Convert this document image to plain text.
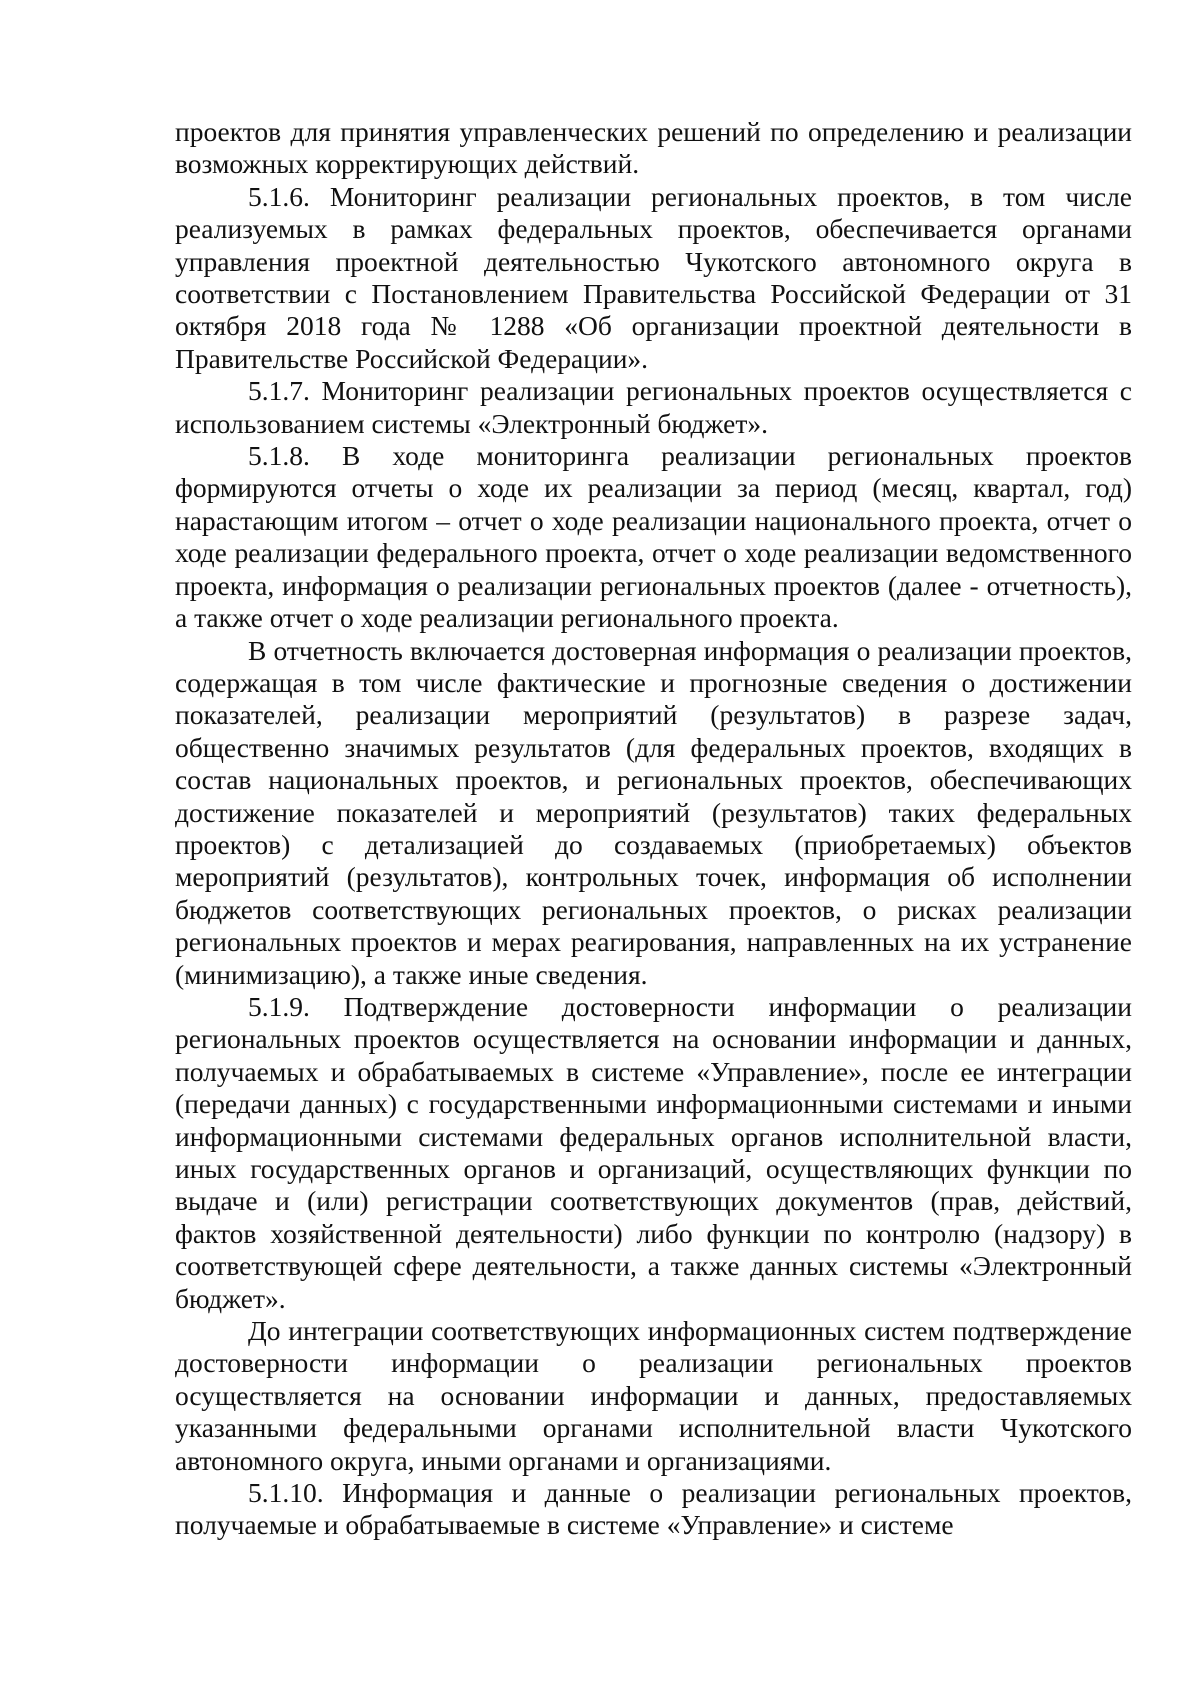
проектов для принятия управленческих решений по определению и реализации возможных корректирующих действий.

5.1.6. Мониторинг реализации региональных проектов, в том числе реализуемых в рамках федеральных проектов, обеспечивается органами управления проектной деятельностью Чукотского автономного округа в соответствии с Постановлением Правительства Российской Федерации от 31 октября 2018 года № 1288 «Об организации проектной деятельности в Правительстве Российской Федерации».

5.1.7. Мониторинг реализации региональных проектов осуществляется с использованием системы «Электронный бюджет».

5.1.8. В ходе мониторинга реализации региональных проектов формируются отчеты о ходе их реализации за период (месяц, квартал, год) нарастающим итогом – отчет о ходе реализации национального проекта, отчет о ходе реализации федерального проекта, отчет о ходе реализации ведомственного проекта, информация о реализации региональных проектов (далее - отчетность), а также отчет о ходе реализации регионального проекта.

В отчетность включается достоверная информация о реализации проектов, содержащая в том числе фактические и прогнозные сведения о достижении показателей, реализации мероприятий (результатов) в разрезе задач, общественно значимых результатов (для федеральных проектов, входящих в состав национальных проектов, и региональных проектов, обеспечивающих достижение показателей и мероприятий (результатов) таких федеральных проектов) с детализацией до создаваемых (приобретаемых) объектов мероприятий (результатов), контрольных точек, информация об исполнении бюджетов соответствующих региональных проектов, о рисках реализации региональных проектов и мерах реагирования, направленных на их устранение (минимизацию), а также иные сведения.

5.1.9. Подтверждение достоверности информации о реализации региональных проектов осуществляется на основании информации и данных, получаемых и обрабатываемых в системе «Управление», после ее интеграции (передачи данных) с государственными информационными системами и иными информационными системами федеральных органов исполнительной власти, иных государственных органов и организаций, осуществляющих функции по выдаче и (или) регистрации соответствующих документов (прав, действий, фактов хозяйственной деятельности) либо функции по контролю (надзору) в соответствующей сфере деятельности, а также данных системы «Электронный бюджет».

До интеграции соответствующих информационных систем подтверждение достоверности информации о реализации региональных проектов осуществляется на основании информации и данных, предоставляемых указанными федеральными органами исполнительной власти Чукотского автономного округа, иными органами и организациями.

5.1.10. Информация и данные о реализации региональных проектов, получаемые и обрабатываемые в системе «Управление» и системе
